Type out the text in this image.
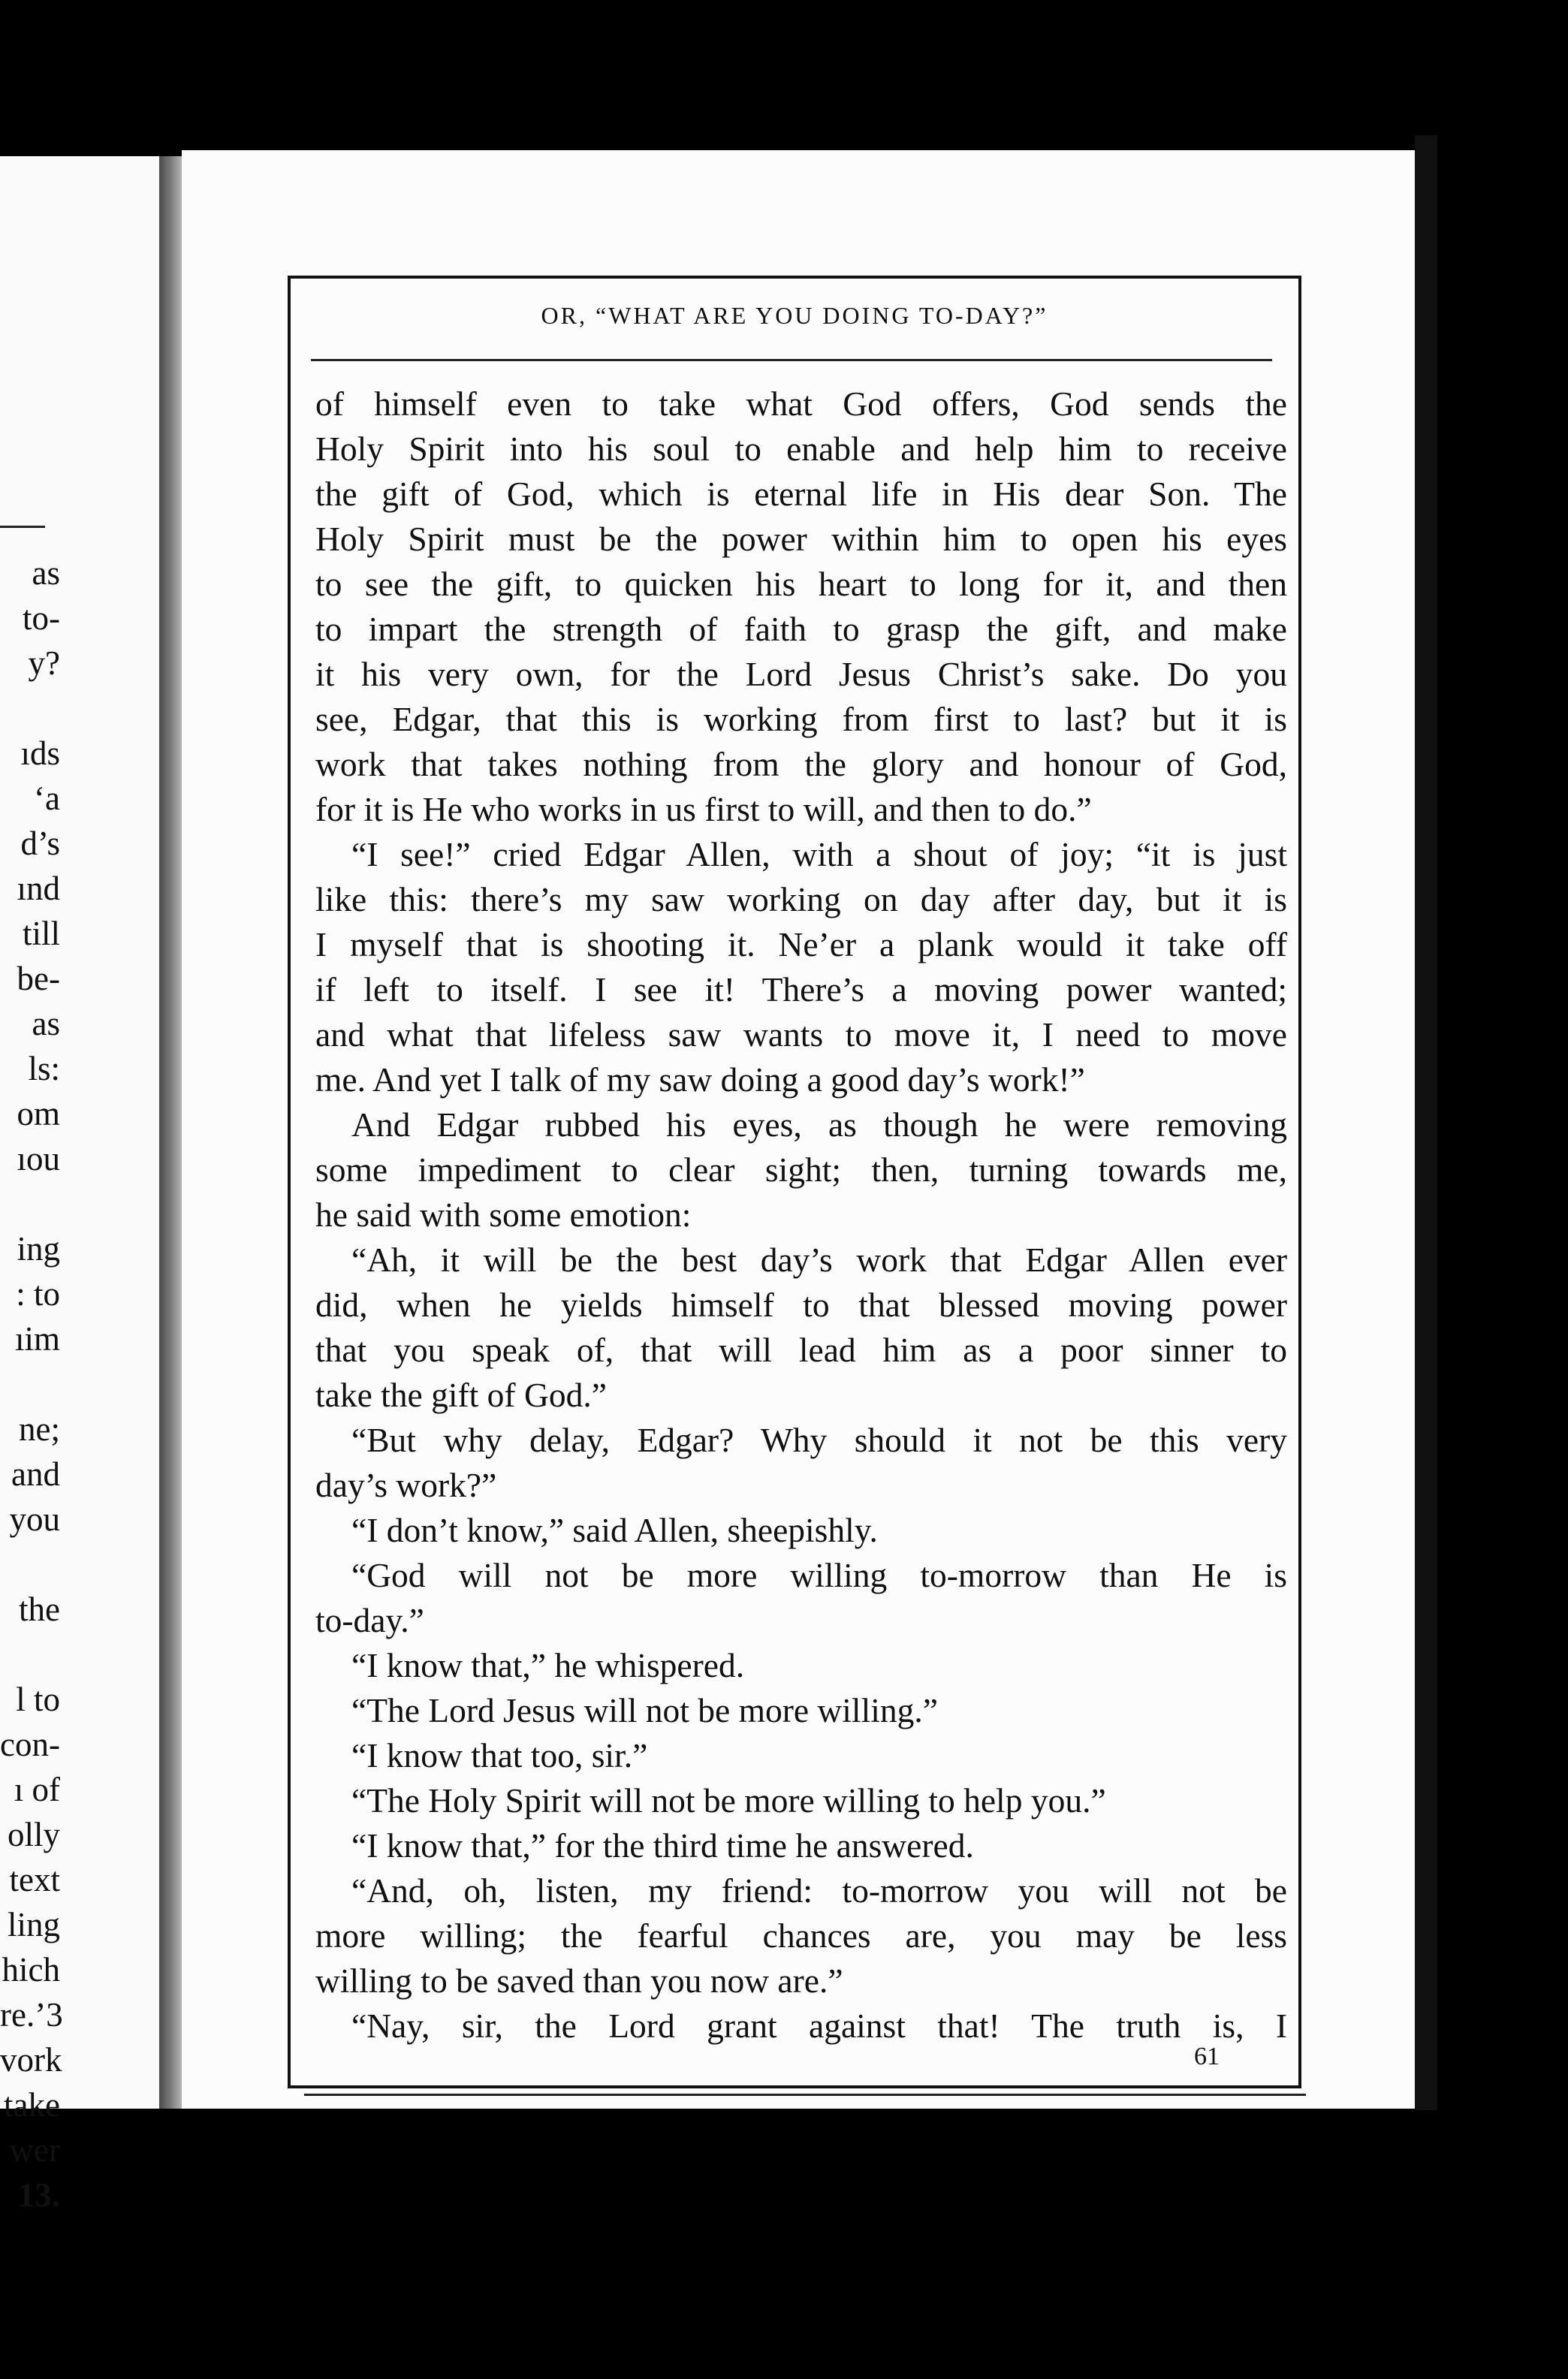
as
to-
y?
ıds
‘a
d’s
ınd
till
be-
as
ls:
om
ıou
ing
: to
ıim
ne;
and
you
the
l to
con-
ı of
olly
text
ling
hich
re.’3
vork
take
wer
13.
OR, “WHAT ARE YOU DOING TO-DAY?”
of himself even to take what God offers, God sends the
Holy Spirit into his soul to enable and help him to receive
the gift of God, which is eternal life in His dear Son. The
Holy Spirit must be the power within him to open his eyes
to see the gift, to quicken his heart to long for it, and then
to impart the strength of faith to grasp the gift, and make
it his very own, for the Lord Jesus Christ’s sake. Do you
see, Edgar, that this is working from first to last? but it is
work that takes nothing from the glory and honour of God,
for it is He who works in us first to will, and then to do.”
“I see!” cried Edgar Allen, with a shout of joy; “it is just
like this: there’s my saw working on day after day, but it is
I myself that is shooting it. Ne’er a plank would it take off
if left to itself. I see it! There’s a moving power wanted;
and what that lifeless saw wants to move it, I need to move
me. And yet I talk of my saw doing a good day’s work!”
And Edgar rubbed his eyes, as though he were removing
some impediment to clear sight; then, turning towards me,
he said with some emotion:
“Ah, it will be the best day’s work that Edgar Allen ever
did, when he yields himself to that blessed moving power
that you speak of, that will lead him as a poor sinner to
take the gift of God.”
“But why delay, Edgar? Why should it not be this very
day’s work?”
“I don’t know,” said Allen, sheepishly.
“God will not be more willing to-morrow than He is
to-day.”
“I know that,” he whispered.
“The Lord Jesus will not be more willing.”
“I know that too, sir.”
“The Holy Spirit will not be more willing to help you.”
“I know that,” for the third time he answered.
“And, oh, listen, my friend: to-morrow you will not be
more willing; the fearful chances are, you may be less
willing to be saved than you now are.”
“Nay, sir, the Lord grant against that! The truth is, I
61
